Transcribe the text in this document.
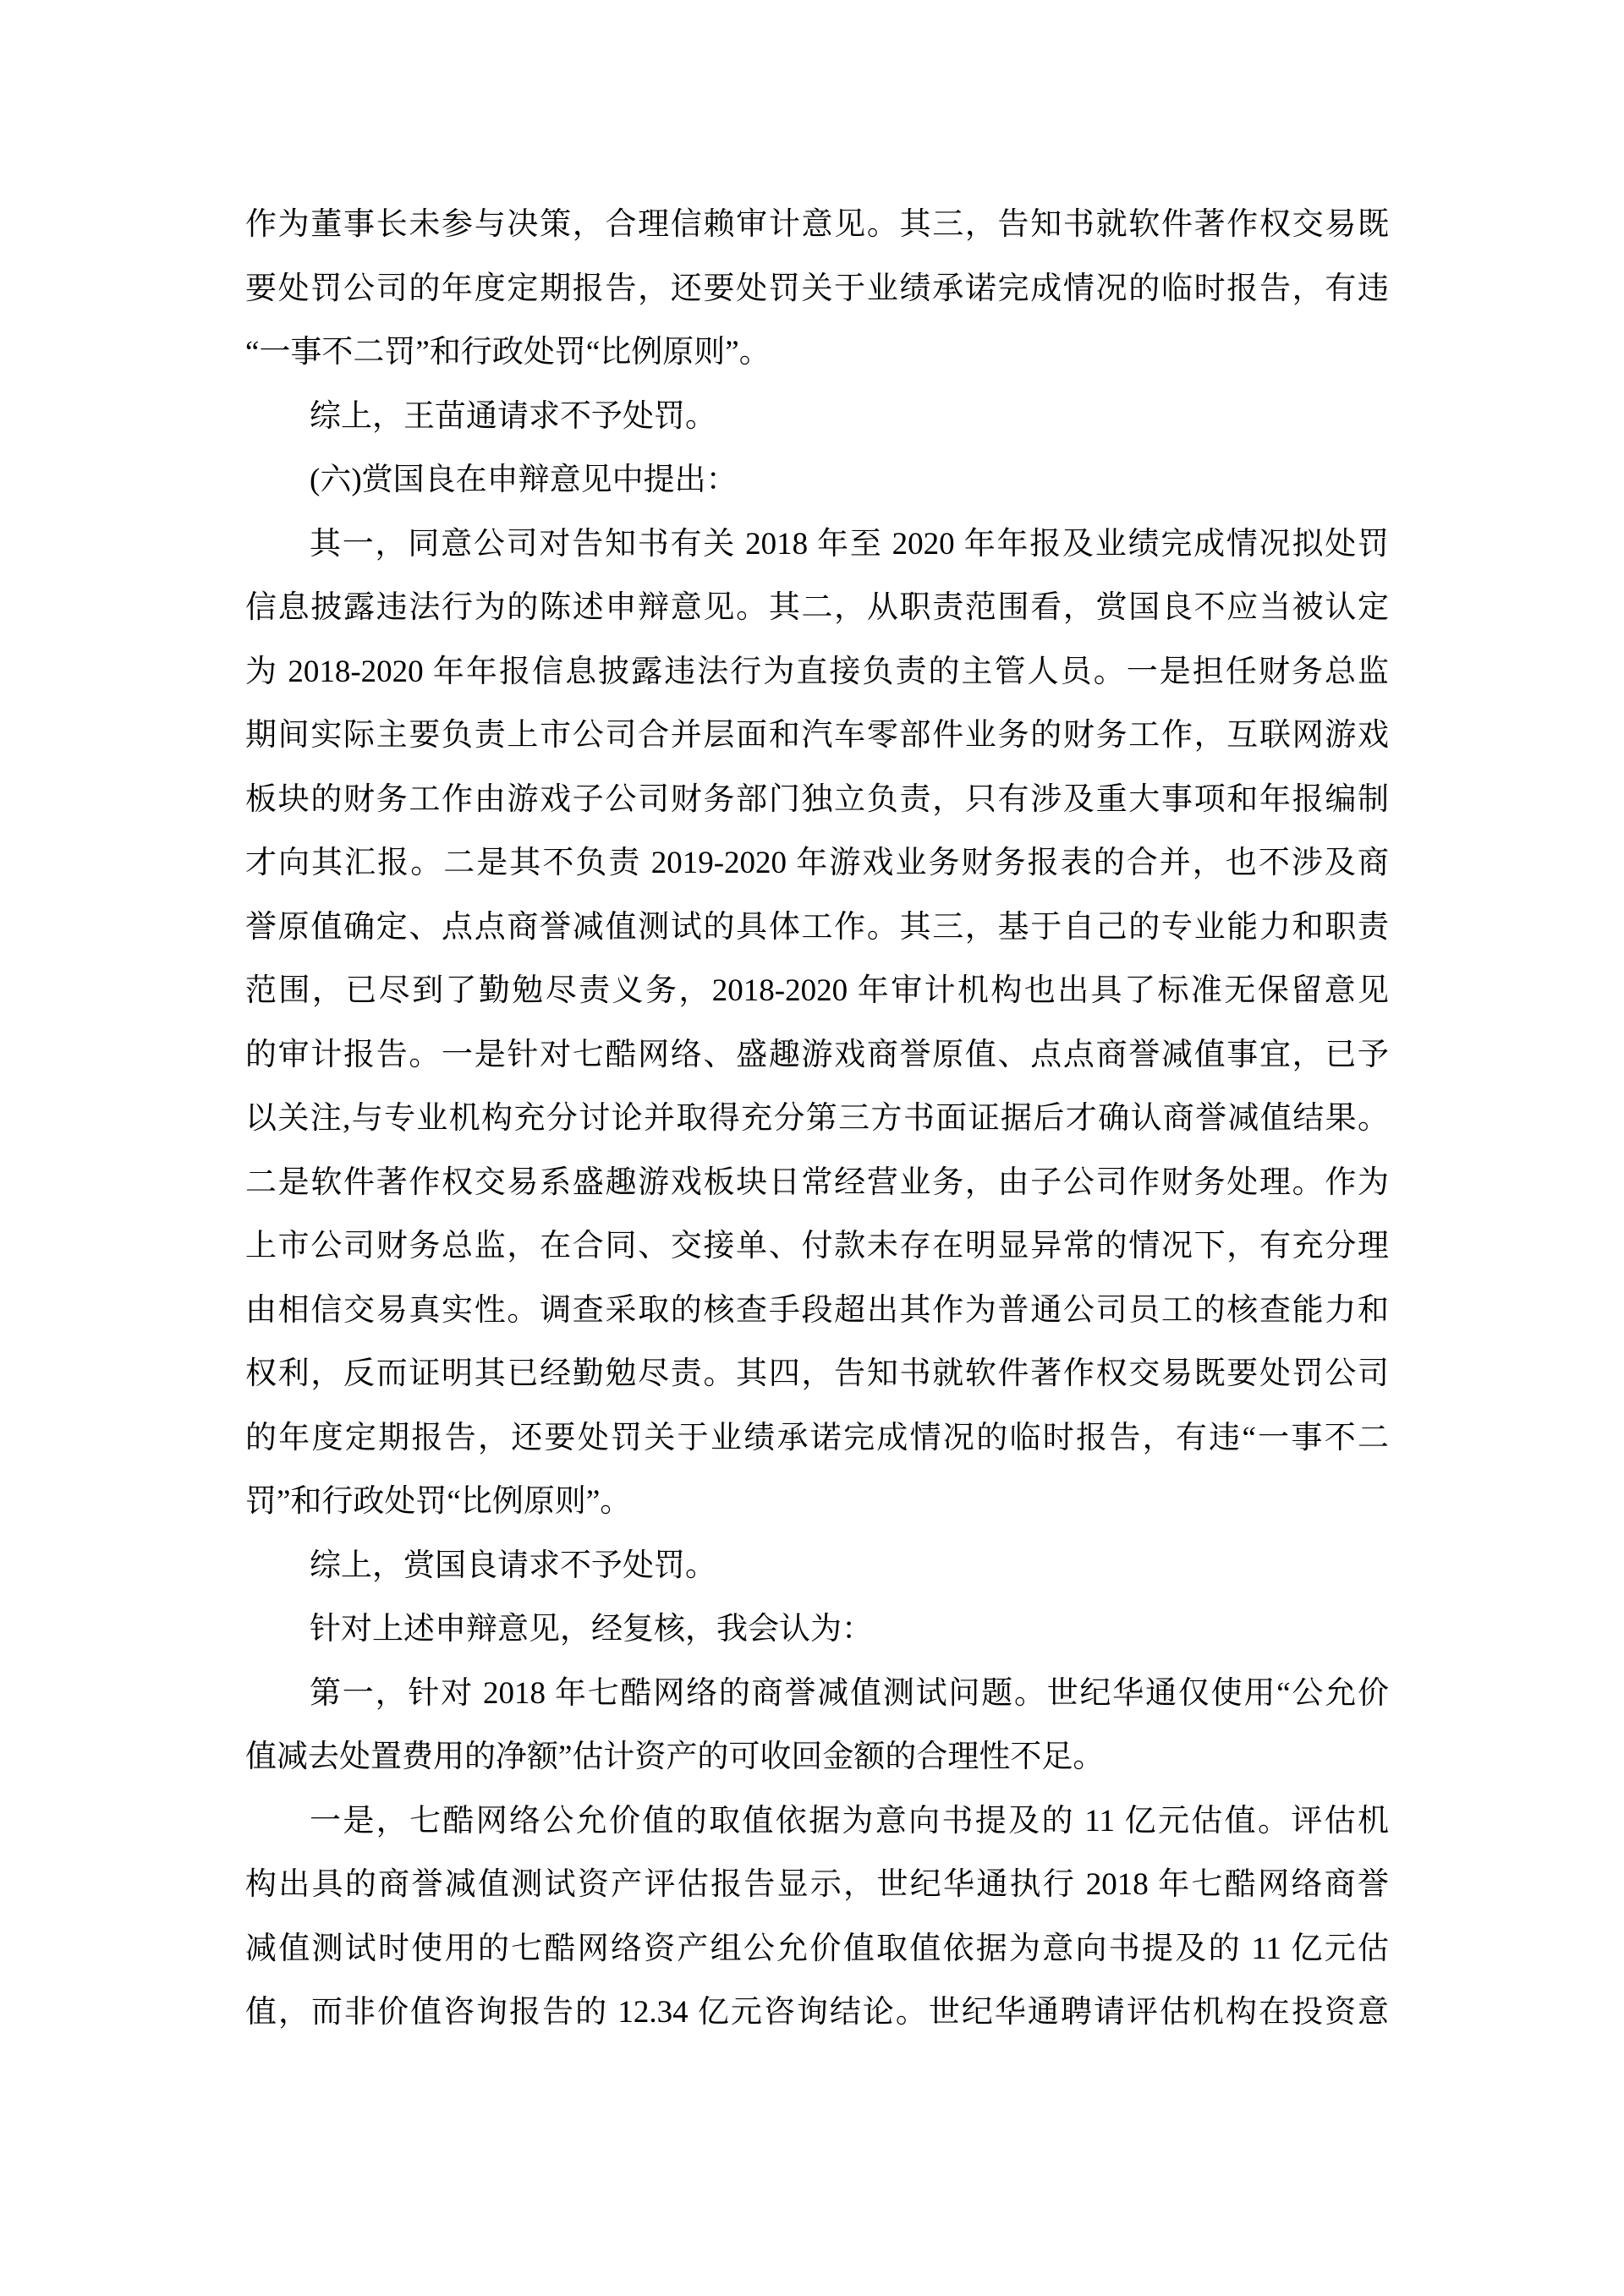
作为董事长未参与决策，合理信赖审计意见。其三，告知书就软件著作权交易既
要处罚公司的年度定期报告，还要处罚关于业绩承诺完成情况的临时报告，有违
“一事不二罚”和行政处罚“比例原则”。
综上，王苗通请求不予处罚。
(六)赏国良在申辩意见中提出：
其一，同意公司对告知书有关 2018 年至 2020 年年报及业绩完成情况拟处罚
信息披露违法行为的陈述申辩意见。其二，从职责范围看，赏国良不应当被认定
为 2018-2020 年年报信息披露违法行为直接负责的主管人员。一是担任财务总监
期间实际主要负责上市公司合并层面和汽车零部件业务的财务工作，互联网游戏
板块的财务工作由游戏子公司财务部门独立负责，只有涉及重大事项和年报编制
才向其汇报。二是其不负责 2019-2020 年游戏业务财务报表的合并，也不涉及商
誉原值确定、点点商誉减值测试的具体工作。其三，基于自己的专业能力和职责
范围，已尽到了勤勉尽责义务，2018-2020 年审计机构也出具了标准无保留意见
的审计报告。一是针对七酷网络、盛趣游戏商誉原值、点点商誉减值事宜，已予
以关注,与专业机构充分讨论并取得充分第三方书面证据后才确认商誉减值结果。
二是软件著作权交易系盛趣游戏板块日常经营业务，由子公司作财务处理。作为
上市公司财务总监，在合同、交接单、付款未存在明显异常的情况下，有充分理
由相信交易真实性。调查采取的核查手段超出其作为普通公司员工的核查能力和
权利，反而证明其已经勤勉尽责。其四，告知书就软件著作权交易既要处罚公司
的年度定期报告，还要处罚关于业绩承诺完成情况的临时报告，有违“一事不二
罚”和行政处罚“比例原则”。
综上，赏国良请求不予处罚。
针对上述申辩意见，经复核，我会认为：
第一，针对 2018 年七酷网络的商誉减值测试问题。世纪华通仅使用“公允价
值减去处置费用的净额”估计资产的可收回金额的合理性不足。
一是，七酷网络公允价值的取值依据为意向书提及的 11 亿元估值。评估机
构出具的商誉减值测试资产评估报告显示，世纪华通执行 2018 年七酷网络商誉
减值测试时使用的七酷网络资产组公允价值取值依据为意向书提及的 11 亿元估
值，而非价值咨询报告的 12.34 亿元咨询结论。世纪华通聘请评估机构在投资意
